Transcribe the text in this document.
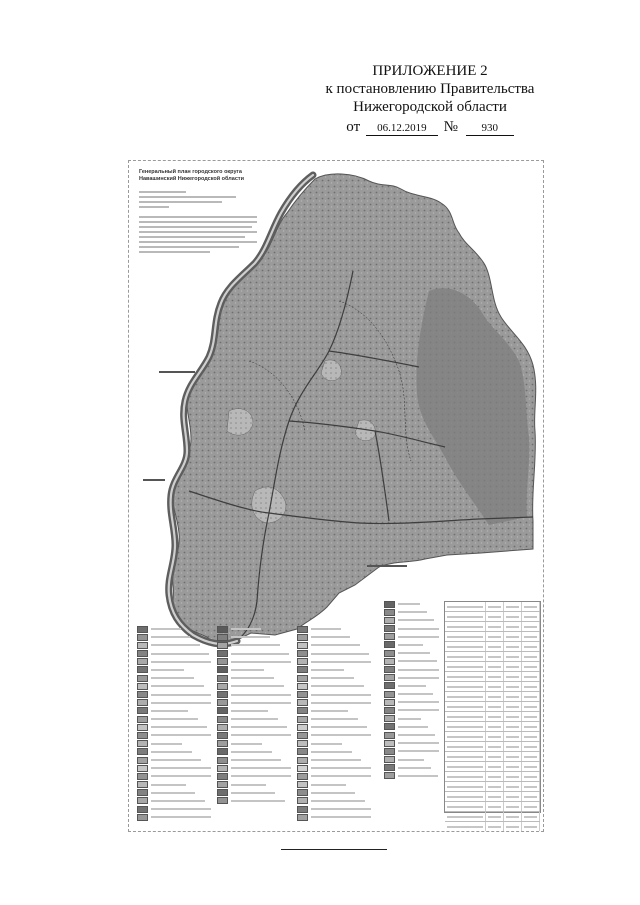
ПРИЛОЖЕНИЕ 2
к постановлению Правительства
Нижегородской области
от 06.12.2019 № 930
Генеральный план городского округа
Навашинский Нижегородской области
